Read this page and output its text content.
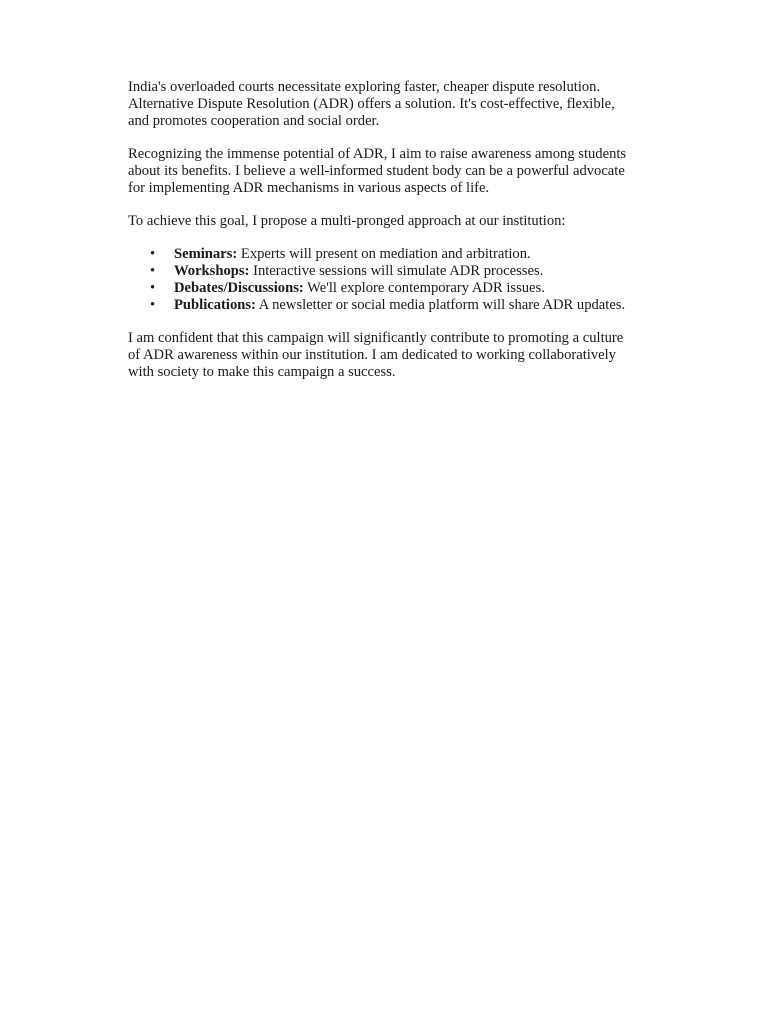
India's overloaded courts necessitate exploring faster, cheaper dispute resolution.

Alternative Dispute Resolution (ADR) offers a solution. It's cost-effective, flexible,

and promotes cooperation and social order.

Recognizing the immense potential of ADR, I aim to raise awareness among students

about its benefits. I believe a well-informed student body can be a powerful advocate

for implementing ADR mechanisms in various aspects of life.

To achieve this goal, I propose a multi-pronged approach at our institution:

• Seminars: Experts will present on mediation and arbitration.
• Workshops: Interactive sessions will simulate ADR processes.
• Debates/Discussions: We'll explore contemporary ADR issues.
• Publications: A newsletter or social media platform will share ADR updates.

I am confident that this campaign will significantly contribute to promoting a culture

of ADR awareness within our institution. I am dedicated to working collaboratively

with society to make this campaign a success.
